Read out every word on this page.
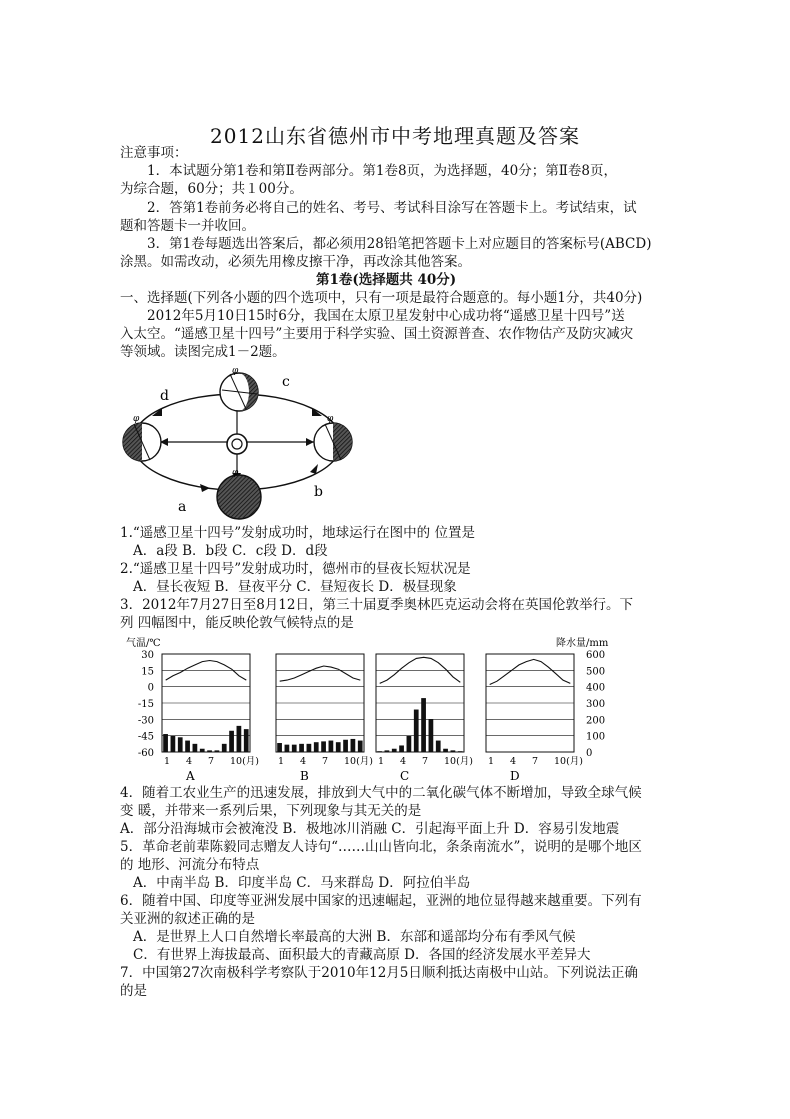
2012山东省德州市中考地理真题及答案
注意事项：
1．本试题分第1卷和第Ⅱ卷两部分。第1卷8页，为选择题，40分；第Ⅱ卷8页，
为综合题，60分；共１00分。
2．答第1卷前务必将自己的姓名、考号、考试科目涂写在答题卡上。考试结束，试
题和答题卡一并收回。
3．第1卷每题选出答案后，都必须用28铅笔把答题卡上对应题目的答案标号(ABCD)
涂黑。如需改动，必须先用橡皮擦干净，再改涂其他答案。
第1卷(选择题共 40分)
一、选择题(下列各小题的四个选项中，只有一项是最符合题意的。每小题1分，共40分)
2012年5月10日15时6分，我国在太原卫星发射中心成功将“遥感卫星十四号”送
入太空。“遥感卫星十四号”主要用于科学实验、国土资源普查、农作物估产及防灾减灾
等领域。读图完成1－2题。
φ
φ
φ	φ
d
c
a
b
1.“遥感卫星十四号”发射成功时，地球运行在图中的 位置是
A．a段 B．b段 C．c段 D．d段
2.“遥感卫星十四号”发射成功时，德州市的昼夜长短状况是
A．昼长夜短 B．昼夜平分 C．昼短夜长 D．极昼现象
3．2012年7月27日至8月12日，第三十届夏季奥林匹克运动会将在英国伦敦举行。下
列 四幅图中，能反映伦敦气候特点的是
气温/℃	降水量/mm
30
15
0
-15
-30
-45
-60
600
500
400
300
200
100
0
1 4 7 10(月)
A
1 4 7 10(月)
B
1 4 7 10(月)
C
1 4 7 10(月)
D
4．随着工农业生产的迅速发展，排放到大气中的二氧化碳气体不断增加，导致全球气候
变 暖，并带来一系列后果，下列现象与其无关的是
A．部分沿海城市会被淹没 B．极地冰川消融 C．引起海平面上升 D．容易引发地震
5．革命老前辈陈毅同志赠友人诗句“……山山皆向北，条条南流水”，说明的是哪个地区
的 地形、河流分布特点
A．中南半岛 B．印度半岛 C．马来群岛 D．阿拉伯半岛
6．随着中国、印度等亚洲发展中国家的迅速崛起，亚洲的地位显得越来越重要。下列有
关亚洲的叙述正确的是
A．是世界上人口自然增长率最高的大洲 B．东部和遥部均分布有季风气候
C．有世界上海拔最高、面积最大的青藏高原 D．各国的经济发展水平差异大
7．中国第27次南极科学考察队于2010年12月5日顺利抵达南极中山站。下列说法正确
的是
